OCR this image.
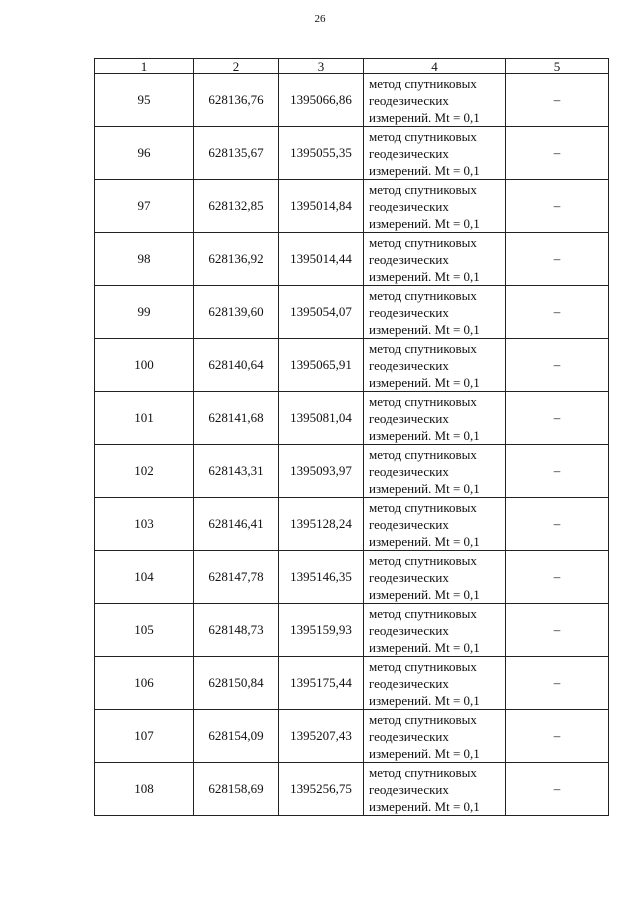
26
1	2	3	4	5
95	628136,76	1395066,86	метод спутниковых
геодезических
измерений. Mt = 0,1	–
96	628135,67	1395055,35	метод спутниковых
геодезических
измерений. Mt = 0,1	–
97	628132,85	1395014,84	метод спутниковых
геодезических
измерений. Mt = 0,1	–
98	628136,92	1395014,44	метод спутниковых
геодезических
измерений. Mt = 0,1	–
99	628139,60	1395054,07	метод спутниковых
геодезических
измерений. Mt = 0,1	–
100	628140,64	1395065,91	метод спутниковых
геодезических
измерений. Mt = 0,1	–
101	628141,68	1395081,04	метод спутниковых
геодезических
измерений. Mt = 0,1	–
102	628143,31	1395093,97	метод спутниковых
геодезических
измерений. Mt = 0,1	–
103	628146,41	1395128,24	метод спутниковых
геодезических
измерений. Mt = 0,1	–
104	628147,78	1395146,35	метод спутниковых
геодезических
измерений. Mt = 0,1	–
105	628148,73	1395159,93	метод спутниковых
геодезических
измерений. Mt = 0,1	–
106	628150,84	1395175,44	метод спутниковых
геодезических
измерений. Mt = 0,1	–
107	628154,09	1395207,43	метод спутниковых
геодезических
измерений. Mt = 0,1	–
108	628158,69	1395256,75	метод спутниковых
геодезических
измерений. Mt = 0,1	–
